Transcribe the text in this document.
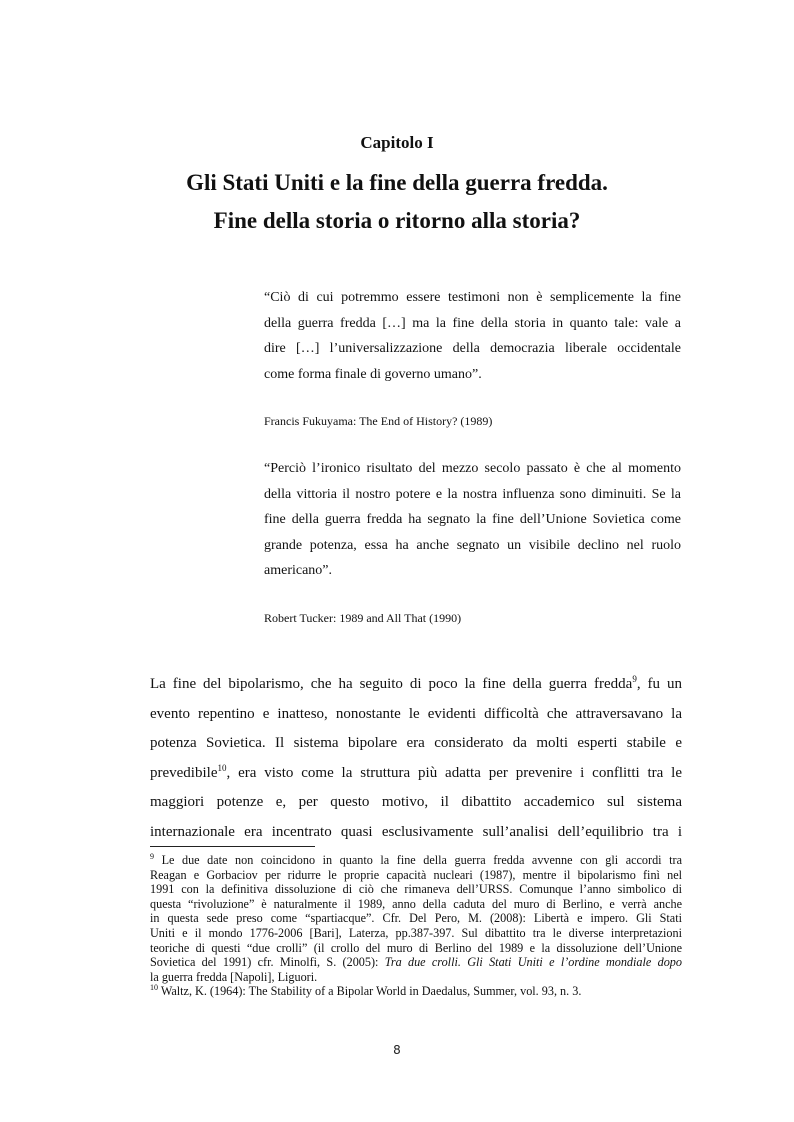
Capitolo I
Gli Stati Uniti e la fine della guerra fredda.
Fine della storia o ritorno alla storia?
“Ciò di cui potremmo essere testimoni non è semplicemente la fine
della guerra fredda […] ma la fine della storia in quanto tale: vale a
dire […] l’universalizzazione della democrazia liberale occidentale
come forma finale di governo umano”.
Francis Fukuyama: The End of History? (1989)
“Perciò l’ironico risultato del mezzo secolo passato è che al momento
della vittoria il nostro potere e la nostra influenza sono diminuiti. Se la
fine della guerra fredda ha segnato la fine dell’Unione Sovietica come
grande potenza, essa ha anche segnato un visibile declino nel ruolo
americano”.
Robert Tucker: 1989 and All That (1990)
La fine del bipolarismo, che ha seguito di poco la fine della guerra fredda$^9$, fu un
evento repentino e inatteso, nonostante le evidenti difficoltà che attraversavano la
potenza Sovietica. Il sistema bipolare era considerato da molti esperti stabile e
prevedibile$^{10}$, era visto come la struttura più adatta per prevenire i conflitti tra le
maggiori potenze e, per questo motivo, il dibattito accademico sul sistema
internazionale era incentrato quasi esclusivamente sull’analisi dell’equilibrio tra i
$^9$ Le due date non coincidono in quanto la fine della guerra fredda avvenne con gli accordi tra
Reagan e Gorbaciov per ridurre le proprie capacità nucleari (1987), mentre il bipolarismo finì nel
1991 con la definitiva dissoluzione di ciò che rimaneva dell’URSS. Comunque l’anno simbolico di
questa “rivoluzione” è naturalmente il 1989, anno della caduta del muro di Berlino, e verrà anche
in questa sede preso come “spartiacque”. Cfr. Del Pero, M. (2008): Libertà e impero. Gli Stati
Uniti e il mondo 1776-2006 [Bari], Laterza, pp.387-397. Sul dibattito tra le diverse interpretazioni
teoriche di questi “due crolli” (il crollo del muro di Berlino del 1989 e la dissoluzione dell’Unione
Sovietica del 1991) cfr. Minolfi, S. (2005): Tra due crolli. Gli Stati Uniti e l’ordine mondiale dopo
la guerra fredda [Napoli], Liguori.
$^{10}$ Waltz, K. (1964): The Stability of a Bipolar World in Daedalus, Summer, vol. 93, n. 3.
8
